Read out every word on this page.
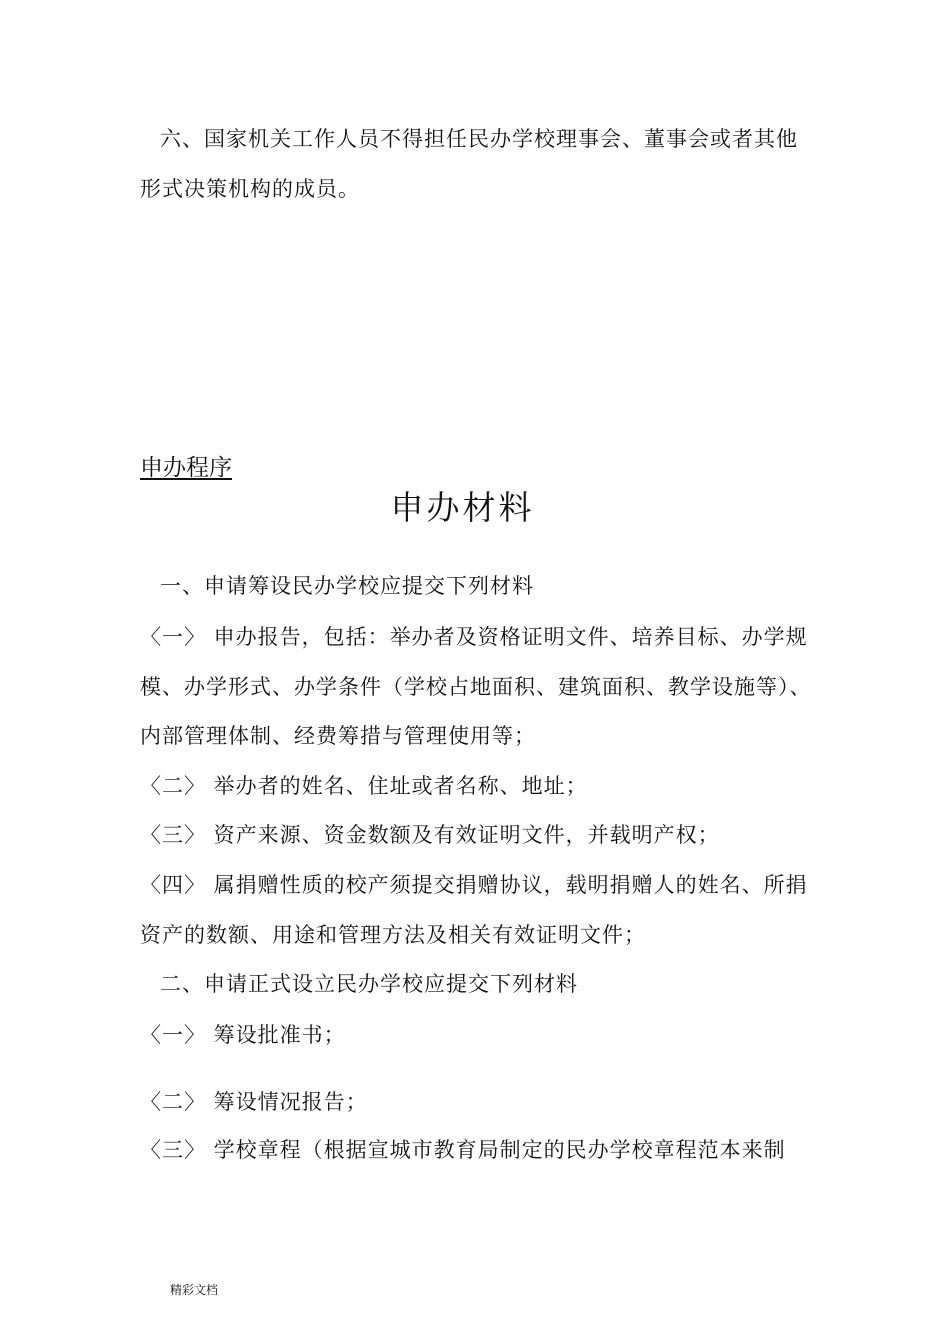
六、国家机关工作人员不得担任民办学校理事会、董事会或者其他
形式决策机构的成员。
申办程序
申办材料
一、申请筹设民办学校应提交下列材料
〈一〉 申办报告，包括：举办者及资格证明文件、培养目标、办学规
模、办学形式、办学条件（学校占地面积、建筑面积、教学设施等）、
内部管理体制、经费筹措与管理使用等；
〈二〉 举办者的姓名、住址或者名称、地址；
〈三〉 资产来源、资金数额及有效证明文件，并载明产权；
〈四〉 属捐赠性质的校产须提交捐赠协议，载明捐赠人的姓名、所捐
资产的数额、用途和管理方法及相关有效证明文件；
二、申请正式设立民办学校应提交下列材料
〈一〉 筹设批准书；
〈二〉 筹设情况报告；
〈三〉 学校章程（根据宣城市教育局制定的民办学校章程范本来制
精彩文档
